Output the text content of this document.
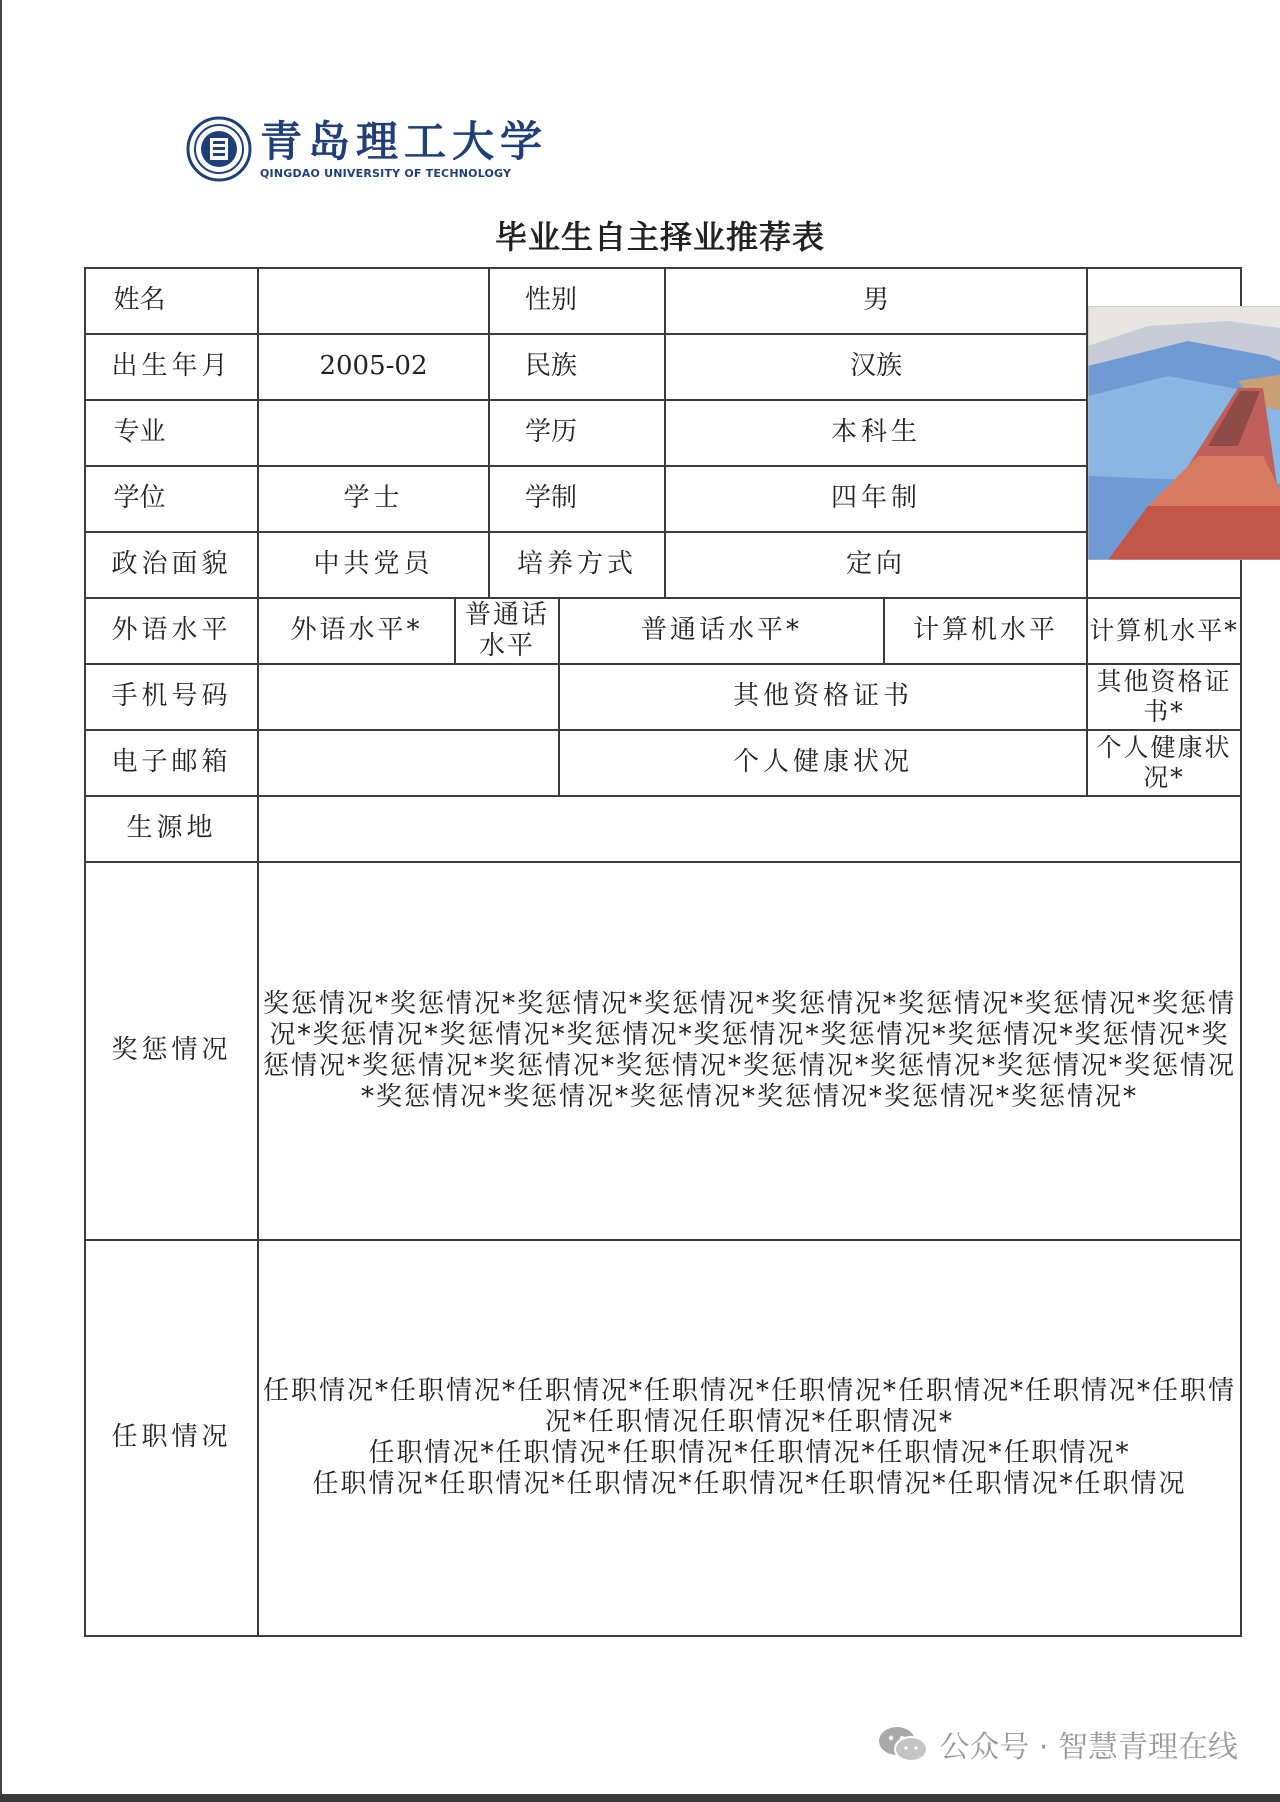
青岛理工大学
QINGDAO UNIVERSITY OF TECHNOLOGY
毕业生自主择业推荐表
姓名			性别		男	

出生年月	2005-02		民族		汉族		

专业			学历		本科生		

学位	学士		学制		四年制		
政治面貌	中共党员		培养方式		定向		
外语水平	外语水平*	普通话水平		普通话水平*		计算机水平	计算机水平*
手机号码				其他资格证书			其他资格证书*
电子邮箱				个人健康状况			个人健康状况*
生源地							
奖惩情况	奖惩情况*奖惩情况*奖惩情况*奖惩情况*奖惩情况*奖惩情况*奖惩情况*奖惩情况*奖惩情况*奖惩情况*奖惩情况*奖惩情况*奖惩情况*奖惩情况*奖惩情况*奖惩情况*奖惩情况*奖惩情况*奖惩情况*奖惩情况*奖惩情况*奖惩情况*奖惩情况*奖惩情况*奖惩情况*奖惩情况*奖惩情况*奖惩情况*奖惩情况*						
任职情况	任职情况*任职情况*任职情况*任职情况*任职情况*任职情况*任职情况*任职情况*任职情况任职情况*任职情况*
任职情况*任职情况*任职情况*任职情况*任职情况*任职情况*
任职情况*任职情况*任职情况*任职情况*任职情况*任职情况*任职情况						
公众号 · 智慧青理在线
